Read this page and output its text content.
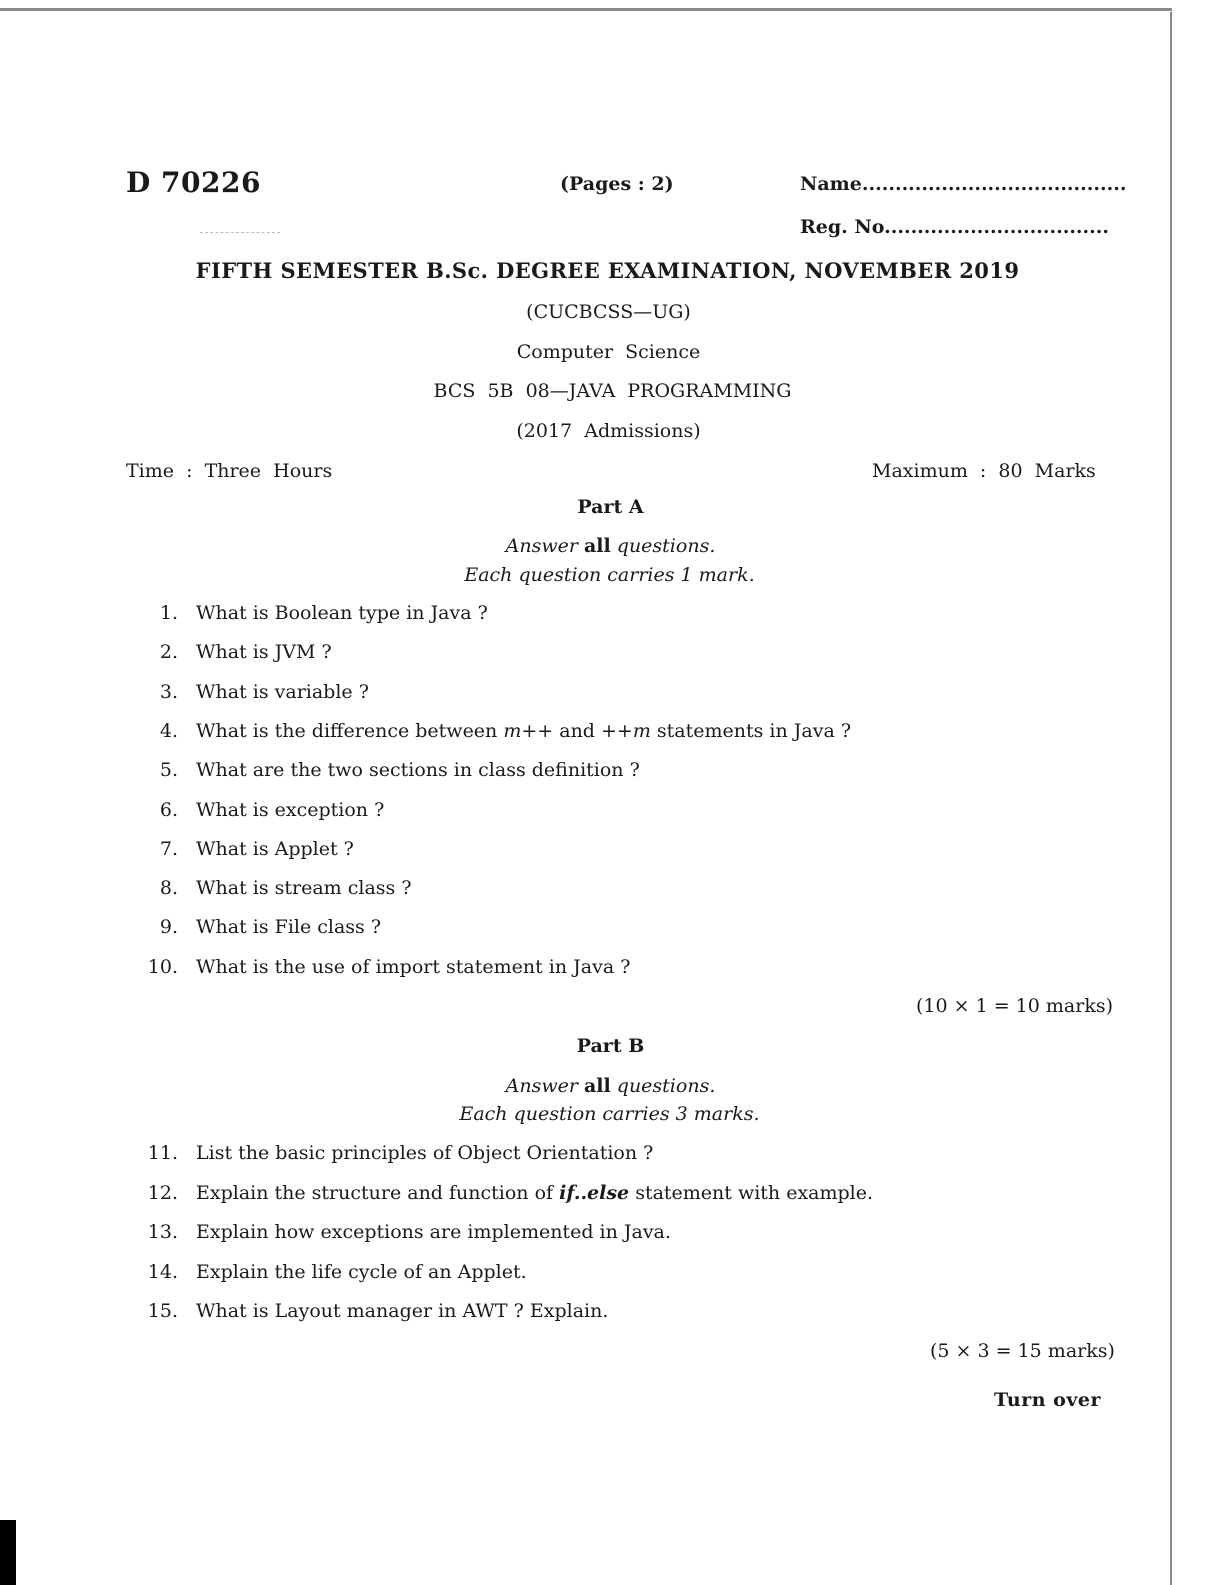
D 70226	(Pages : 2)	Name........................................
Reg. No..................................
FIFTH SEMESTER B.Sc. DEGREE EXAMINATION, NOVEMBER 2019
(CUCBCSS—UG)
Computer  Science
BCS  5B  08—JAVA  PROGRAMMING
(2017  Admissions)
Time  :  Three  Hours	Maximum  :  80  Marks
Part A
Answer all questions.
Each question carries 1 mark.
1. What is Boolean type in Java ?
2. What is JVM ?
3. What is variable ?
4. What is the difference between m++ and ++m statements in Java ?
5. What are the two sections in class definition ?
6. What is exception ?
7. What is Applet ?
8. What is stream class ?
9. What is File class ?
10. What is the use of import statement in Java ?
(10 × 1 = 10 marks)
Part B
Answer all questions.
Each question carries 3 marks.
11. List the basic principles of Object Orientation ?
12. Explain the structure and function of if..else statement with example.
13. Explain how exceptions are implemented in Java.
14. Explain the life cycle of an Applet.
15. What is Layout manager in AWT ? Explain.
(5 × 3 = 15 marks)
Turn over
